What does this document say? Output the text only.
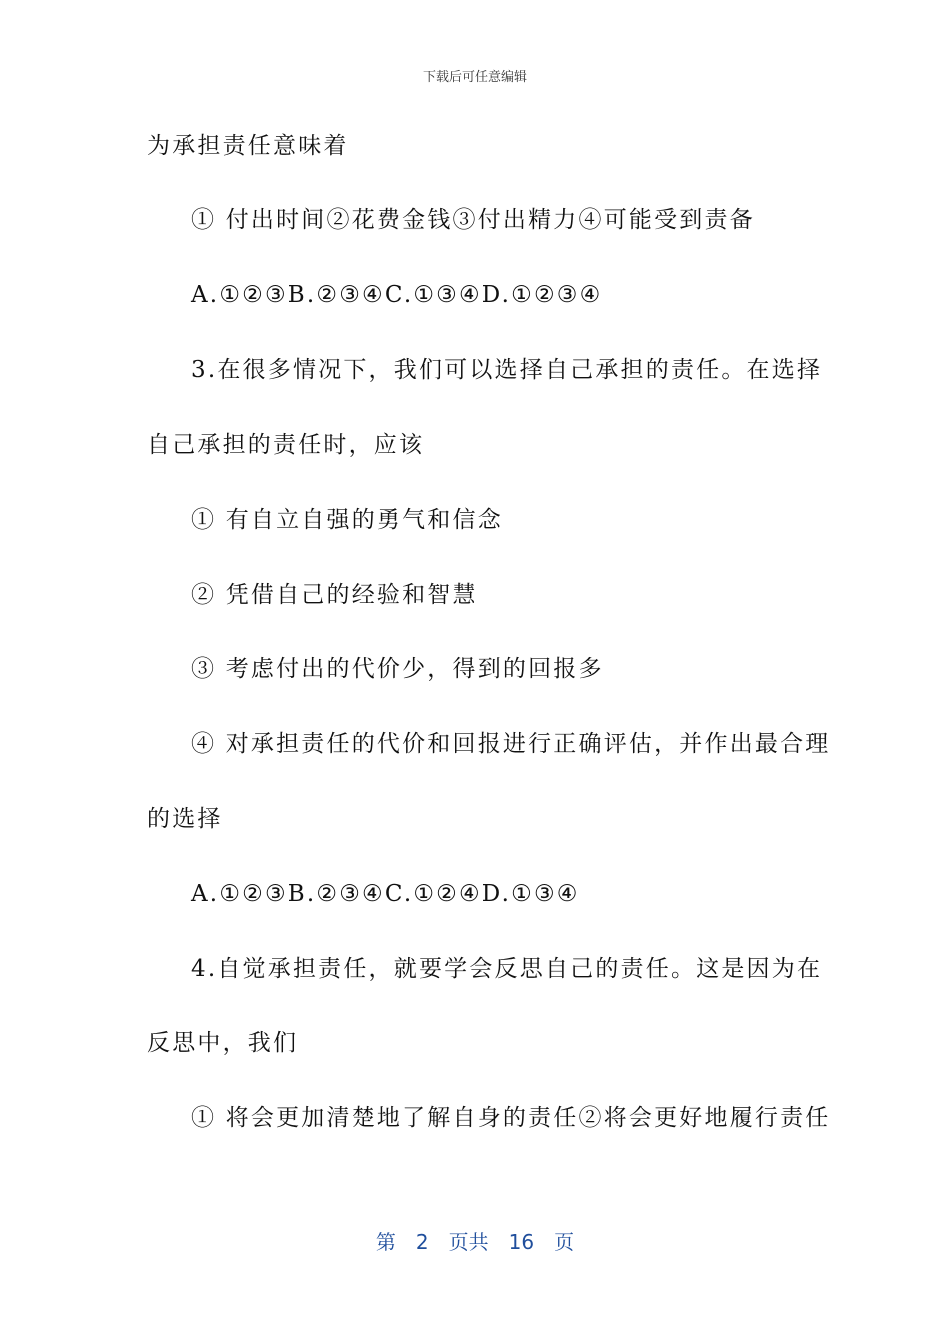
下载后可任意编辑
为承担责任意味着
① 付出时间②花费金钱③付出精力④可能受到责备
A.①②③B.②③④C.①③④D.①②③④
3.在很多情况下，我们可以选择自己承担的责任。在选择
自己承担的责任时，应该
① 有自立自强的勇气和信念
② 凭借自己的经验和智慧
③ 考虑付出的代价少，得到的回报多
④ 对承担责任的代价和回报进行正确评估，并作出最合理
的选择
A.①②③B.②③④C.①②④D.①③④
4.自觉承担责任，就要学会反思自己的责任。这是因为在
反思中，我们
① 将会更加清楚地了解自身的责任②将会更好地履行责任
第　2　页共　16　页
